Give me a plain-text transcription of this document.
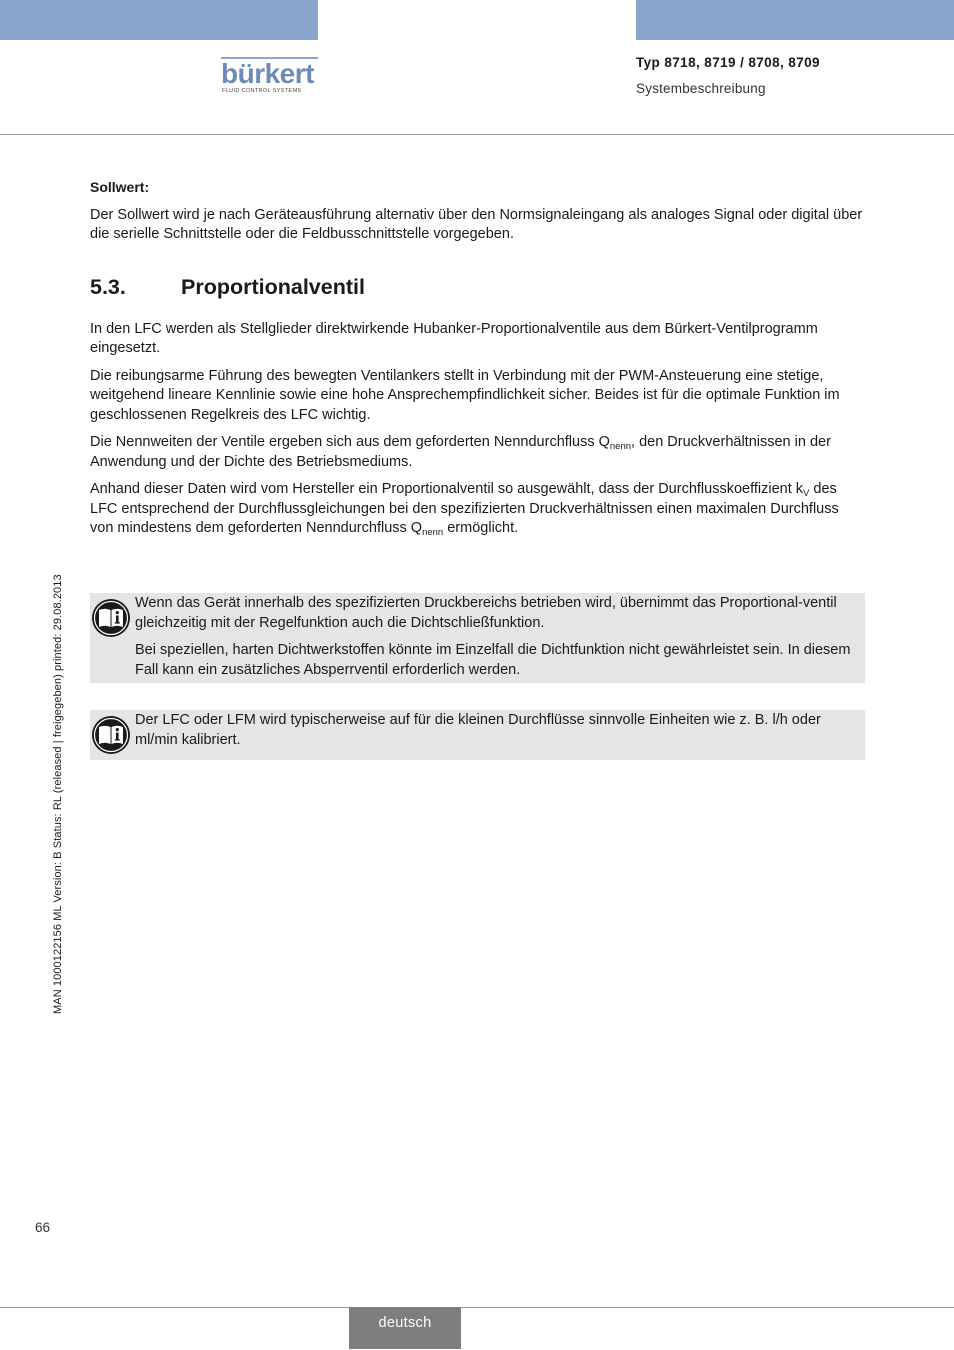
bürkert
FLUID CONTROL SYSTEMS
Typ 8718, 8719 / 8708, 8709
Systembeschreibung
Sollwert:
Der Sollwert wird je nach Geräteausführung alternativ über den Normsignaleingang als analoges Signal oder digital über die serielle Schnittstelle oder die Feldbusschnittstelle vorgegeben.
5.3.	Proportionalventil
In den LFC werden als Stellglieder direktwirkende Hubanker-Proportionalventile aus dem Bürkert-Ventilprogramm eingesetzt.
Die reibungsarme Führung des bewegten Ventilankers stellt in Verbindung mit der PWM-Ansteuerung eine stetige, weitgehend lineare Kennlinie sowie eine hohe Ansprechempfindlichkeit sicher. Beides ist für die optimale Funktion im geschlossenen Regelkreis des LFC wichtig.
Die Nennweiten der Ventile ergeben sich aus dem geforderten Nenndurchfluss $Q_{nenn}$, den Druckverhältnissen in der Anwendung und der Dichte des Betriebsmediums.
Anhand dieser Daten wird vom Hersteller ein Proportionalventil so ausgewählt, dass der Durchflusskoeffizient $k_V$ des LFC entsprechend der Durchflussgleichungen bei den spezifizierten Druckverhältnissen einen maximalen Durchfluss von mindestens dem geforderten Nenndurchfluss $Q_{nenn}$ ermöglicht.
Wenn das Gerät innerhalb des spezifizierten Druckbereichs betrieben wird, übernimmt das Proportional-ventil gleichzeitig mit der Regelfunktion auch die Dichtschließfunktion.
Bei speziellen, harten Dichtwerkstoffen könnte im Einzelfall die Dichtfunktion nicht gewährleistet sein. In diesem Fall kann ein zusätzliches Absperrventil erforderlich werden.
Der LFC oder LFM wird typischerweise auf für die kleinen Durchflüsse sinnvolle Einheiten wie z. B. l/h oder ml/min kalibriert.
MAN 1000122156 ML Version: B Status: RL (released | freigegeben) printed: 29.08.2013
66
deutsch
